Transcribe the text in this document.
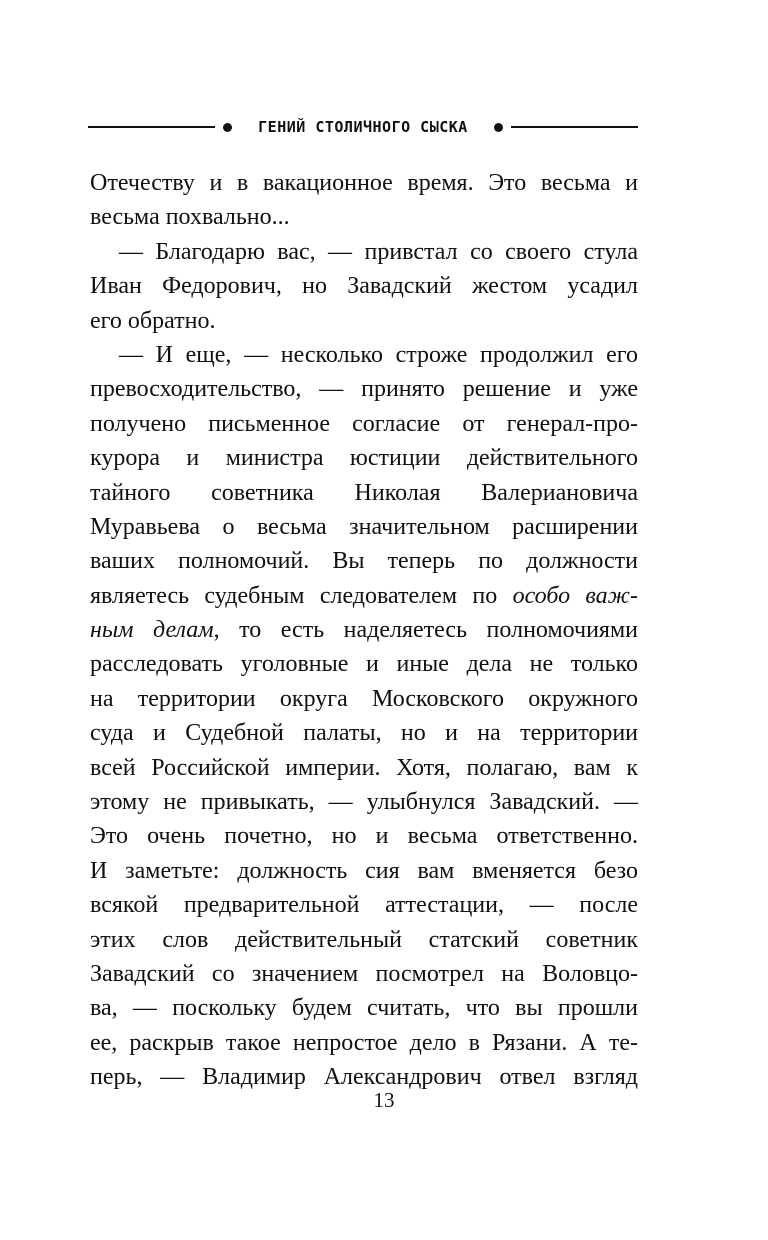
ГЕНИЙ СТОЛИЧНОГО СЫСКА
Отечеству и в вакационное время. Это весьма и
весьма похвально...
— Благодарю вас, — привстал со своего стула
Иван Федорович, но Завадский жестом усадил
его обратно.
— И еще, — несколько строже продолжил его
превосходительство, — принято решение и уже
получено письменное согласие от генерал-про-
курора и министра юстиции действительного
тайного советника Николая Валериановича
Муравьева о весьма значительном расширении
ваших полномочий. Вы теперь по должности
являетесь судебным следователем по особо важ-
ным делам, то есть наделяетесь полномочиями
расследовать уголовные и иные дела не только
на территории округа Московского окружного
суда и Судебной палаты, но и на территории
всей Российской империи. Хотя, полагаю, вам к
этому не привыкать, — улыбнулся Завадский. —
Это очень почетно, но и весьма ответственно.
И заметьте: должность сия вам вменяется безо
всякой предварительной аттестации, — после
этих слов действительный статский советник
Завадский со значением посмотрел на Воловцо-
ва, — поскольку будем считать, что вы прошли
ее, раскрыв такое непростое дело в Рязани. А те-
перь, — Владимир Александрович отвел взгляд
13
